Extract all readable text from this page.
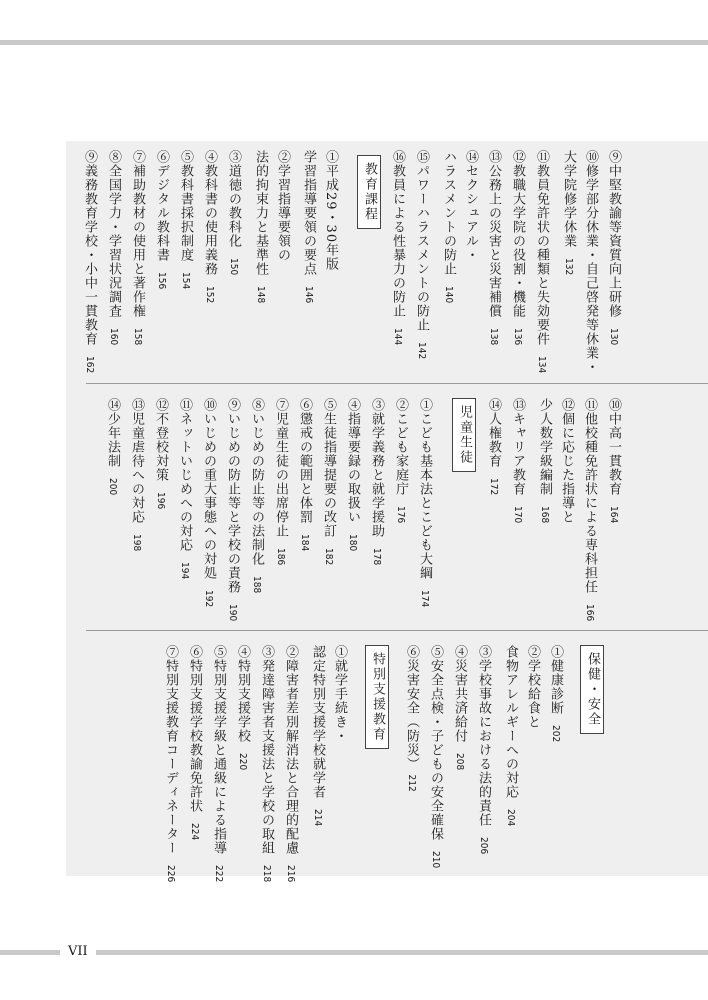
⑨中堅教諭等資質向上研修　130
⑩修学部分休業・自己啓発等休業・
大学院修学休業　132
⑪教員免許状の種類と失効要件　134
⑫教職大学院の役割・機能　136
⑬公務上の災害と災害補償　138
⑭セクシュアル・
ハラスメントの防止　140
⑮パワーハラスメントの防止　142
⑯教員による性暴力の防止　144
教育課程
①平成29・30年版
学習指導要領の要点　146
②学習指導要領の
法的拘束力と基準性　148
③道徳の教科化　150
④教科書の使用義務　152
⑤教科書採択制度　154
⑥デジタル教科書　156
⑦補助教材の使用と著作権　158
⑧全国学力・学習状況調査　160
⑨義務教育学校・小中一貫教育　162
⑩中高一貫教育　164
⑪他校種免許状による専科担任　166
⑫個に応じた指導と
少人数学級編制　168
⑬キャリア教育　170
⑭人権教育　172
児童生徒
①こども基本法とこども大綱　174
②こども家庭庁　176
③就学義務と就学援助　178
④指導要録の取扱い　180
⑤生徒指導提要の改訂　182
⑥懲戒の範囲と体罰　184
⑦児童生徒の出席停止　186
⑧いじめの防止等の法制化　188
⑨いじめの防止等と学校の責務　190
⑩いじめの重大事態への対処　192
⑪ネットいじめへの対応　194
⑫不登校対策　196
⑬児童虐待への対応　198
⑭少年法制　200
保健・安全
①健康診断　202
②学校給食と
食物アレルギーへの対応　204
③学校事故における法的責任　206
④災害共済給付　208
⑤安全点検・子どもの安全確保　210
⑥災害安全（防災）　212
特別支援教育
①就学手続き・
認定特別支援学校就学者　214
②障害者差別解消法と合理的配慮　216
③発達障害者支援法と学校の取組　218
④特別支援学校　220
⑤特別支援学級と通級による指導　222
⑥特別支援学校教諭免許状　224
⑦特別支援教育コーディネーター　226
VII
